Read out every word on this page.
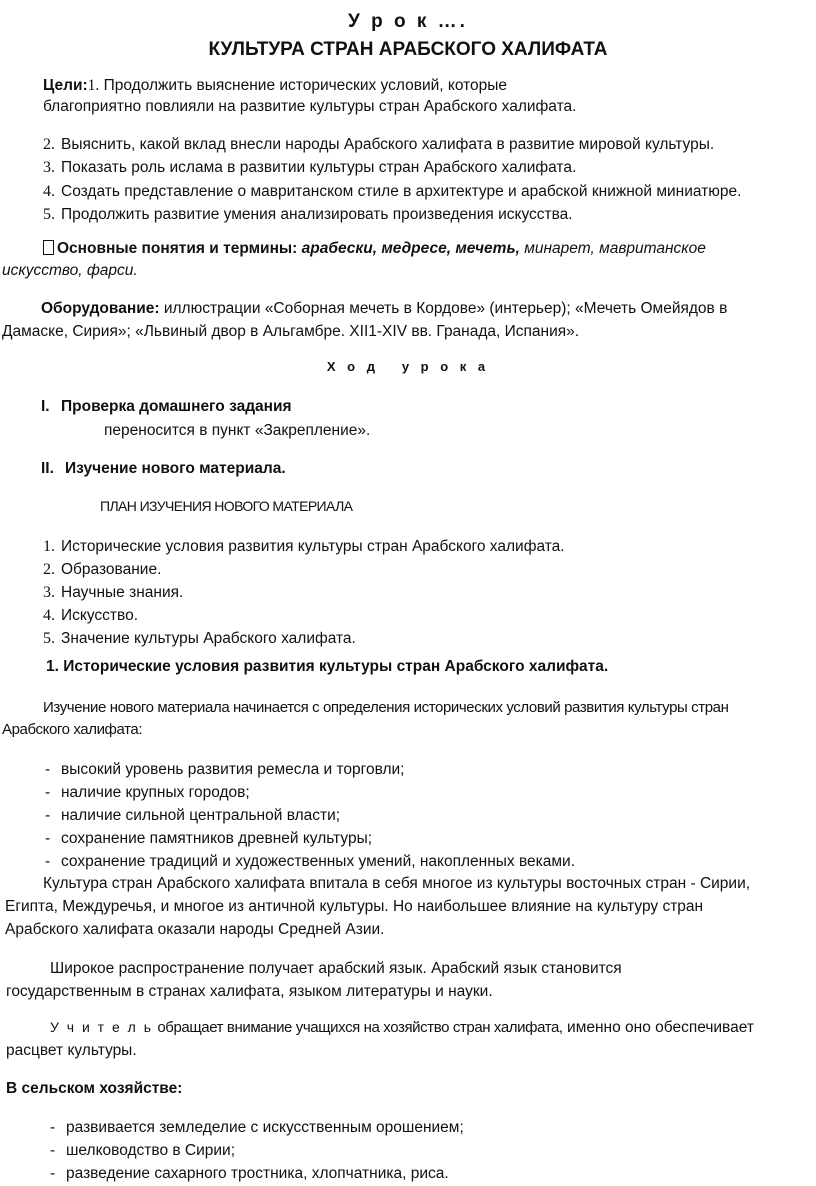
У р о к ….
КУЛЬТУРА СТРАН АРАБСКОГО ХАЛИФАТА
Цели:1. Продолжить выяснение исторических условий, которые
благоприятно повлияли на развитие культуры стран Арабского халифата.
2. Выяснить, какой вклад внесли народы Арабского халифата в развитие мировой культуры.
3. Показать роль ислама в развитии культуры стран Арабского халифата.
4. Создать представление о мавританском стиле в архитектуре и арабской книжной миниатюре.
5. Продолжить развитие умения анализировать произведения искусства.
Основные понятия и термины: арабески, медресе, мечеть, минарет, мавританское
искусство, фарси.
Оборудование: иллюстрации «Соборная мечеть в Кордове» (интерьер); «Мечеть Омейядов в
Дамаске, Сирия»; «Львиный двор в Альгамбре. XII1-XIV вв. Гранада, Испания».
Х о д   у р о к а
I. Проверка домашнего задания
переносится в пункт «Закрепление».
II. Изучение нового материала.
ПЛАН ИЗУЧЕНИЯ НОВОГО МАТЕРИАЛА
1. Исторические условия развития культуры стран Арабского халифата.
2. Образование.
3. Научные знания.
4. Искусство.
5. Значение культуры Арабского халифата.
1. Исторические условия развития культуры стран Арабского халифата.
Изучение нового материала начинается с определения исторических условий развития культуры стран
Арабского халифата:
- высокий уровень развития ремесла и торговли;
- наличие крупных городов;
- наличие сильной центральной власти;
- сохранение памятников древней культуры;
- сохранение традиций и художественных умений, накопленных веками.
Культура стран Арабского халифата впитала в себя многое из культуры восточных стран - Сирии,
Египта, Междуречья, и многое из античной культуры. Но наибольшее влияние на культуру стран
Арабского халифата оказали народы Средней Азии.
Широкое распространение получает арабский язык. Арабский язык становится
государственным в странах халифата, языком литературы и науки.
У ч и т е л ь обращает внимание учащихся на хозяйство стран халифата, именно оно обеспечивает
расцвет культуры.
В сельском хозяйстве:
- развивается земледелие с искусственным орошением;
- шелководство в Сирии;
- разведение сахарного тростника, хлопчатника, риса.
